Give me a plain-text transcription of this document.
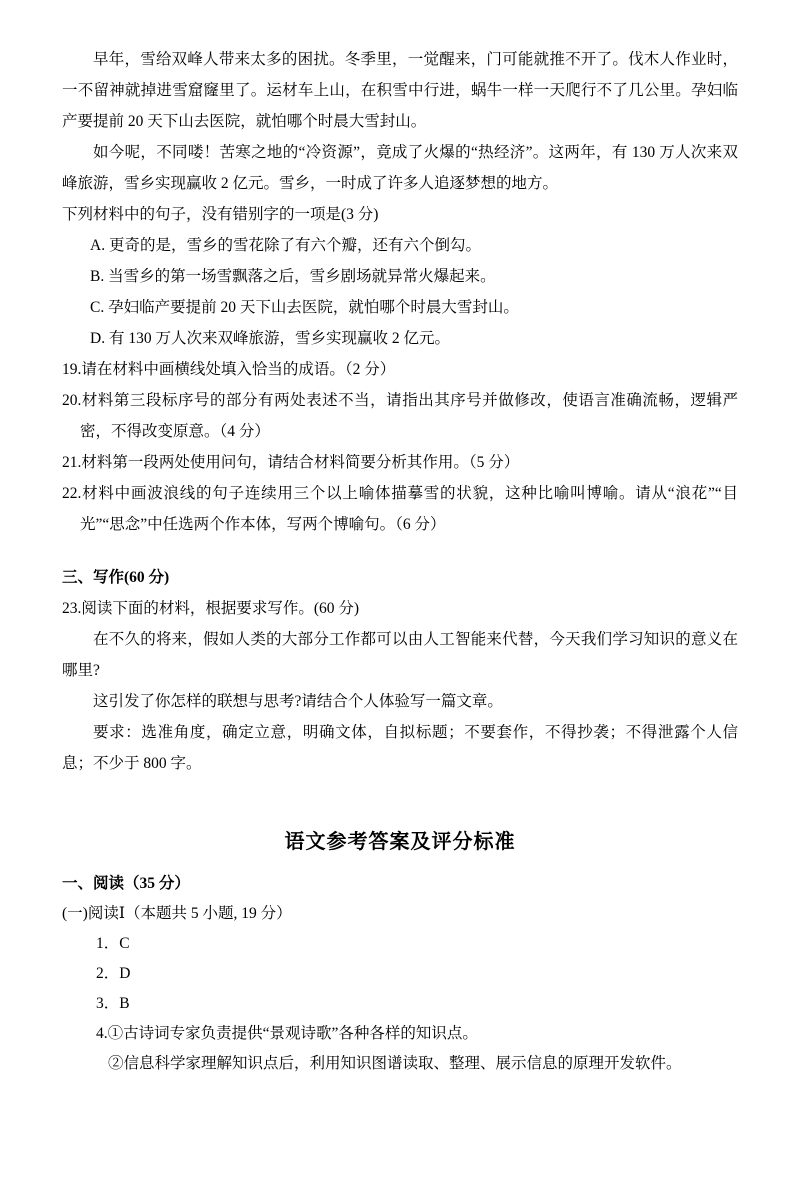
早年，雪给双峰人带来太多的困扰。冬季里，一觉醒来，门可能就推不开了。伐木人作业时，一不留神就掉进雪窟窿里了。运材车上山，在积雪中行进，蜗牛一样一天爬行不了几公里。孕妇临产要提前 20 天下山去医院，就怕哪个时晨大雪封山。

如今呢，不同喽！苦寒之地的“冷资源”，竟成了火爆的“热经济”。这两年，有 130 万人次来双峰旅游，雪乡实现赢收 2 亿元。雪乡，一时成了许多人追逐梦想的地方。

下列材料中的句子，没有错别字的一项是(3 分)

A. 更奇的是，雪乡的雪花除了有六个瓣，还有六个倒勾。

B. 当雪乡的第一场雪飘落之后，雪乡剧场就异常火爆起来。

C. 孕妇临产要提前 20 天下山去医院，就怕哪个时晨大雪封山。

D. 有 130 万人次来双峰旅游，雪乡实现赢收 2 亿元。

19.请在材料中画横线处填入恰当的成语。（2 分）

20.材料第三段标序号的部分有两处表述不当，请指出其序号并做修改，使语言准确流畅，逻辑严密，不得改变原意。（4 分）

21.材料第一段两处使用问句，请结合材料简要分析其作用。（5 分）

22.材料中画波浪线的句子连续用三个以上喻体描摹雪的状貌，这种比喻叫博喻。请从“浪花”“目光”“思念”中任选两个作本体，写两个博喻句。（6 分）

三、写作(60 分)

23.阅读下面的材料，根据要求写作。(60 分)

在不久的将来，假如人类的大部分工作都可以由人工智能来代替，今天我们学习知识的意义在哪里?

这引发了你怎样的联想与思考?请结合个人体验写一篇文章。

要求：选准角度，确定立意，明确文体，自拟标题；不要套作，不得抄袭；不得泄露个人信息；不少于 800 字。

语文参考答案及评分标准

一、阅读（35 分）

(一)阅读Ⅰ（本题共 5 小题, 19 分）

1．C

2．D

3．B

4.①古诗词专家负责提供“景观诗歌”各种各样的知识点。

②信息科学家理解知识点后，利用知识图谱读取、整理、展示信息的原理开发软件。
